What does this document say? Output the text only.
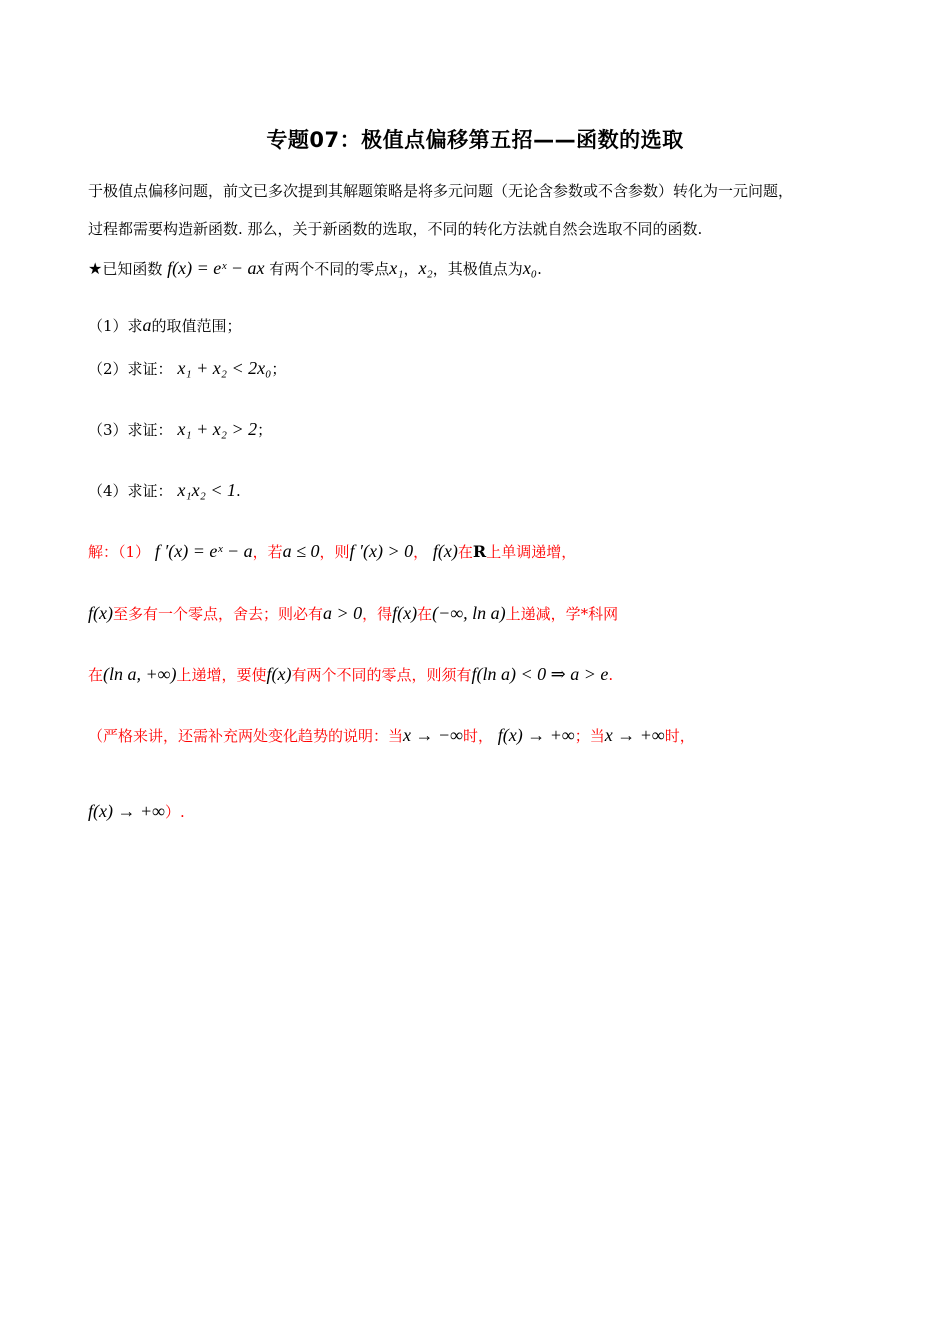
专题07：极值点偏移第五招——函数的选取
于极值点偏移问题，前文已多次提到其解题策略是将多元问题（无论含参数或不含参数）转化为一元问题，
过程都需要构造新函数. 那么，关于新函数的选取，不同的转化方法就自然会选取不同的函数.
★已知函数 f(x) = eˣ − ax 有两个不同的零点x₁，x₂，其极值点为x₀.
（1）求a的取值范围；
（2）求证： x₁ + x₂ < 2x₀；
（3）求证： x₁ + x₂ > 2；
（4）求证： x₁x₂ < 1.
解：（1） f ′(x) = eˣ − a，若a ≤ 0，则f ′(x) > 0， f(x)在R上单调递增，
f(x)至多有一个零点，舍去；则必有a > 0，得f(x)在(−∞, ln a)上递减，学*科网
在(ln a, +∞)上递增，要使f(x)有两个不同的零点，则须有f(ln a) < 0 ⇒ a > e.
（严格来讲，还需补充两处变化趋势的说明：当x → −∞时， f(x) → +∞；当x → +∞时，
f(x) → +∞）.
